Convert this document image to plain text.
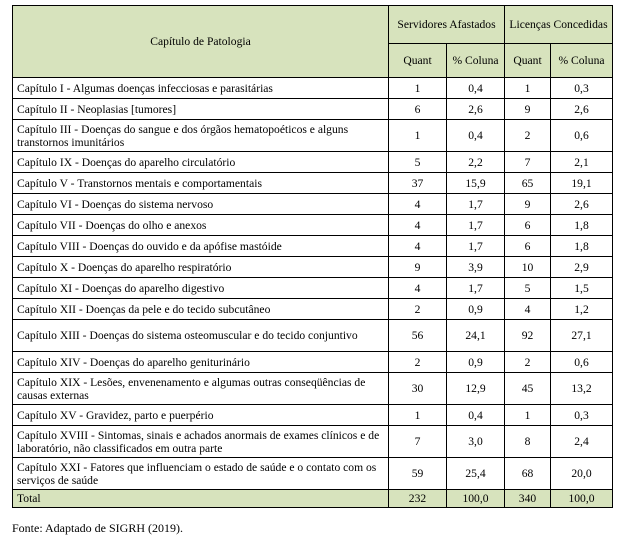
Capítulo de Patologia	Servidores Afastados		Licenças Concedidas	
	Quant	% Coluna	Quant	% Coluna
Capítulo I - Algumas doenças infecciosas e parasitárias	1	0,4	1	0,3
Capítulo II - Neoplasias [tumores]	6	2,6	9	2,6
Capítulo III - Doenças do sangue e dos órgãos hematopoéticos e alguns transtornos imunitários	1	0,4	2	0,6
Capítulo IX - Doenças do aparelho circulatório	5	2,2	7	2,1
Capítulo V - Transtornos mentais e comportamentais	37	15,9	65	19,1
Capítulo VI - Doenças do sistema nervoso	4	1,7	9	2,6
Capítulo VII - Doenças do olho e anexos	4	1,7	6	1,8
Capítulo VIII - Doenças do ouvido e da apófise mastóide	4	1,7	6	1,8
Capítulo X - Doenças do aparelho respiratório	9	3,9	10	2,9
Capítulo XI - Doenças do aparelho digestivo	4	1,7	5	1,5
Capítulo XII - Doenças da pele e do tecido subcutâneo	2	0,9	4	1,2
Capítulo XIII - Doenças do sistema osteomuscular e do tecido conjuntivo	56	24,1	92	27,1
Capítulo XIV - Doenças do aparelho geniturinário	2	0,9	2	0,6
Capítulo XIX - Lesões, envenenamento e algumas outras conseqüências de causas externas	30	12,9	45	13,2
Capítulo XV - Gravidez, parto e puerpério	1	0,4	1	0,3
Capítulo XVIII - Sintomas, sinais e achados anormais de exames clínicos e de laboratório, não classificados em outra parte	7	3,0	8	2,4
Capítulo XXI - Fatores que influenciam o estado de saúde e o contato com os serviços de saúde	59	25,4	68	20,0
Total	232	100,0	340	100,0
Fonte: Adaptado de SIGRH (2019).
